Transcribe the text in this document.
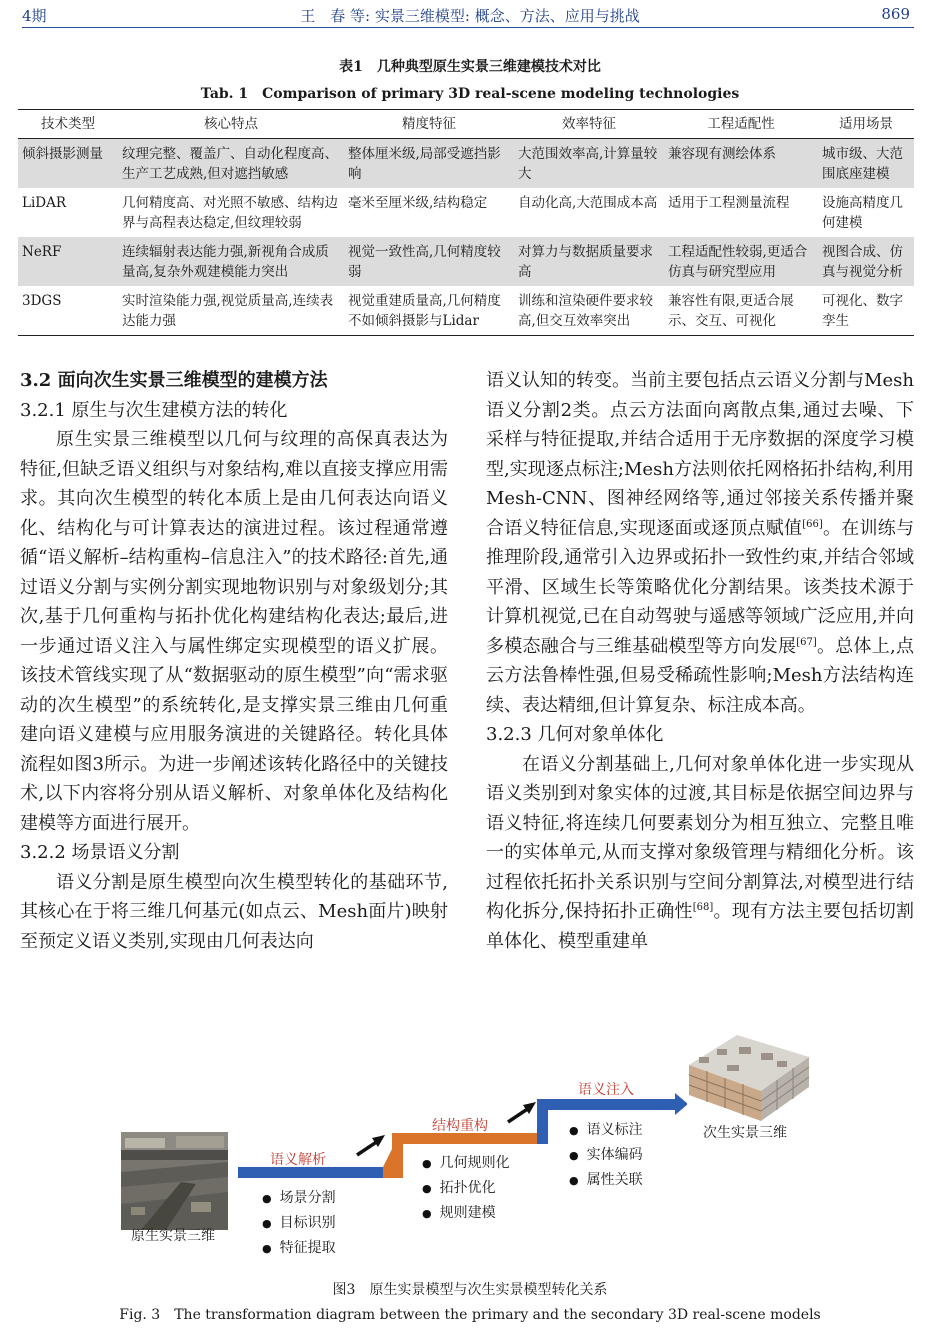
4期	王　春 等: 实景三维模型: 概念、方法、应用与挑战	869
表1　几种典型原生实景三维建模技术对比
Tab. 1　Comparison of primary 3D real-scene modeling technologies
技术类型	核心特点	精度特征	效率特征	工程适配性	适用场景
倾斜摄影测量	纹理完整、覆盖广、自动化程度高、生产工艺成熟,但对遮挡敏感	整体厘米级,局部受遮挡影响	大范围效率高,计算量较大	兼容现有测绘体系	城市级、大范围底座建模
LiDAR	几何精度高、对光照不敏感、结构边界与高程表达稳定,但纹理较弱	毫米至厘米级,结构稳定	自动化高,大范围成本高	适用于工程测量流程	设施高精度几何建模
NeRF	连续辐射表达能力强,新视角合成质量高,复杂外观建模能力突出	视觉一致性高,几何精度较弱	对算力与数据质量要求高	工程适配性较弱,更适合仿真与研究型应用	视图合成、仿真与视觉分析
3DGS	实时渲染能力强,视觉质量高,连续表达能力强	视觉重建质量高,几何精度不如倾斜摄影与Lidar	训练和渲染硬件要求较高,但交互效率突出	兼容性有限,更适合展示、交互、可视化	可视化、数字孪生
3.2 面向次生实景三维模型的建模方法
3.2.1 原生与次生建模方法的转化

原生实景三维模型以几何与纹理的高保真表达为特征,但缺乏语义组织与对象结构,难以直接支撑应用需求。其向次生模型的转化本质上是由几何表达向语义化、结构化与可计算表达的演进过程。该过程通常遵循“语义解析–结构重构–信息注入”的技术路径:首先,通过语义分割与实例分割实现地物识别与对象级划分;其次,基于几何重构与拓扑优化构建结构化表达;最后,进一步通过语义注入与属性绑定实现模型的语义扩展。该技术管线实现了从“数据驱动的原生模型”向“需求驱动的次生模型”的系统转化,是支撑实景三维由几何重建向语义建模与应用服务演进的关键路径。转化具体流程如图3所示。为进一步阐述该转化路径中的关键技术,以下内容将分别从语义解析、对象单体化及结构化建模等方面进行展开。

3.2.2 场景语义分割

语义分割是原生模型向次生模型转化的基础环节,其核心在于将三维几何基元(如点云、Mesh面片)映射至预定义语义类别,实现由几何表达向

语义认知的转变。当前主要包括点云语义分割与Mesh语义分割2类。点云方法面向离散点集,通过去噪、下采样与特征提取,并结合适用于无序数据的深度学习模型,实现逐点标注;Mesh方法则依托网格拓扑结构,利用Mesh-CNN、图神经网络等,通过邻接关系传播并聚合语义特征信息,实现逐面或逐顶点赋值[66]。在训练与推理阶段,通常引入边界或拓扑一致性约束,并结合邻域平滑、区域生长等策略优化分割结果。该类技术源于计算机视觉,已在自动驾驶与遥感等领域广泛应用,并向多模态融合与三维基础模型等方向发展[67]。总体上,点云方法鲁棒性强,但易受稀疏性影响;Mesh方法结构连续、表达精细,但计算复杂、标注成本高。

3.2.3 几何对象单体化

在语义分割基础上,几何对象单体化进一步实现从语义类别到对象实体的过渡,其目标是依据空间边界与语义特征,将连续几何要素划分为相互独立、完整且唯一的实体单元,从而支撑对象级管理与精细化分析。该过程依托拓扑关系识别与空间分割算法,对模型进行结构化拆分,保持拓扑正确性[68]。现有方法主要包括切割单体化、模型重建单

原生实景三维
语义解析
结构重构
语义注入
● 场景分割
● 目标识别
● 特征提取
● 几何规则化
● 拓扑优化
● 规则建模
● 语义标注
● 实体编码
● 属性关联
次生实景三维
图3　原生实景模型与次生实景模型转化关系
Fig. 3　The transformation diagram between the primary and the secondary 3D real-scene models
